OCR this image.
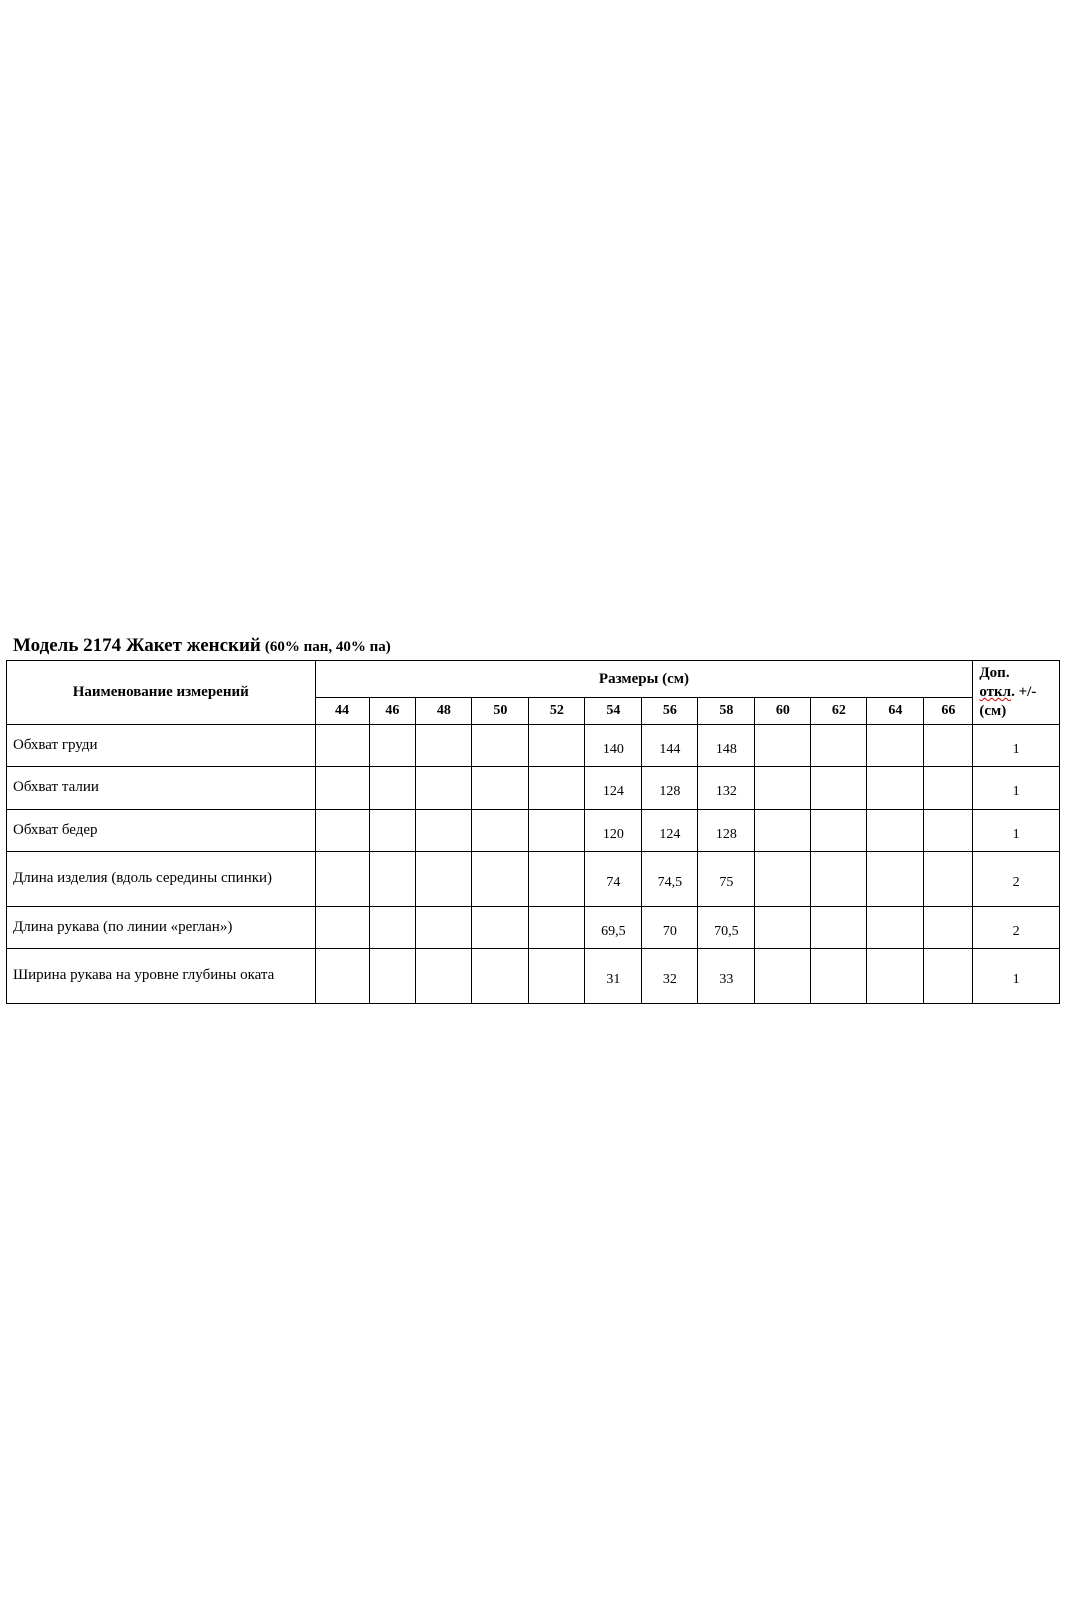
Модель 2174 Жакет женский (60% пан, 40% па)
Наименование измерений	Размеры (см)												Доп.
откл. +/-
(см)
	44	46	48	50	52	54	56	58	60	62	64	66	
Обхват груди						140	144	148					1
Обхват талии						124	128	132					1
Обхват бедер						120	124	128					1
Длина изделия (вдоль середины спинки)						74	74,5	75					2
Длина рукава (по линии «реглан»)						69,5	70	70,5					2
Ширина рукава на уровне глубины оката						31	32	33					1
